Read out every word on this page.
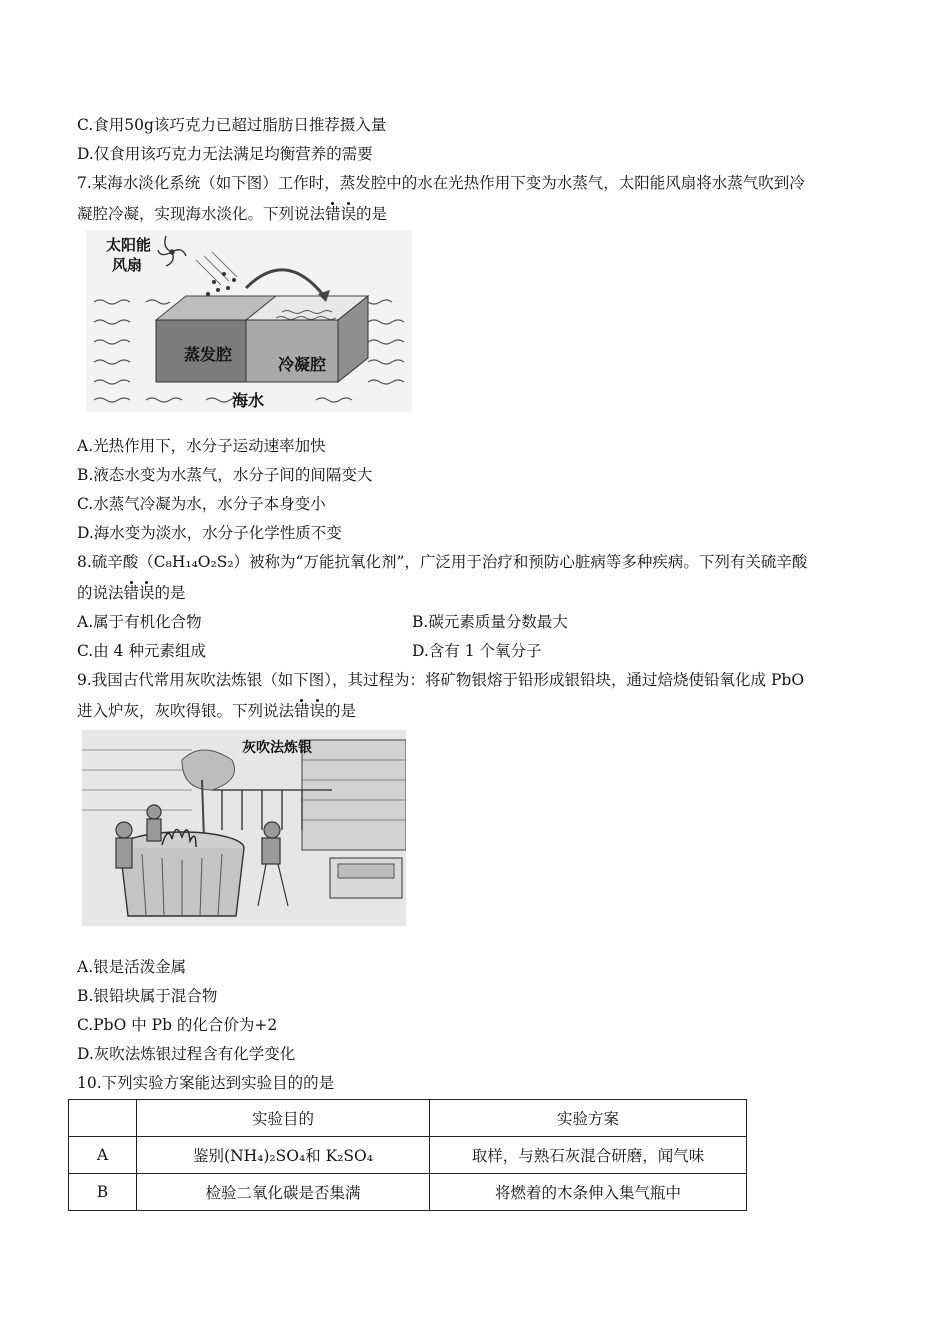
C.食用50g该巧克力已超过脂肪日推荐摄入量
D.仅食用该巧克力无法满足均衡营养的需要
7.某海水淡化系统（如下图）工作时，蒸发腔中的水在光热作用下变为水蒸气，太阳能风扇将水蒸气吹到冷
凝腔冷凝，实现海水淡化。下列说法错误的是
太阳能
风扇
蒸发腔
冷凝腔
海水
A.光热作用下，水分子运动速率加快
B.液态水变为水蒸气，水分子间的间隔变大
C.水蒸气冷凝为水，水分子本身变小
D.海水变为淡水，水分子化学性质不变
8.硫辛酸（C₈H₁₄O₂S₂）被称为“万能抗氧化剂”，广泛用于治疗和预防心脏病等多种疾病。下列有关硫辛酸
的说法错误的是
A.属于有机化合物	B.碳元素质量分数最大
C.由 4 种元素组成	D.含有 1 个氧分子
9.我国古代常用灰吹法炼银（如下图），其过程为：将矿物银熔于铅形成银铅块，通过焙烧使铅氧化成 PbO
进入炉灰，灰吹得银。下列说法错误的是
灰吹法炼银
A.银是活泼金属
B.银铅块属于混合物
C.PbO 中 Pb 的化合价为+2
D.灰吹法炼银过程含有化学变化
10.下列实验方案能达到实验目的的是
	实验目的	实验方案
A	鉴别(NH₄)₂SO₄和 K₂SO₄	取样，与熟石灰混合研磨，闻气味
B	检验二氧化碳是否集满	将燃着的木条伸入集气瓶中
